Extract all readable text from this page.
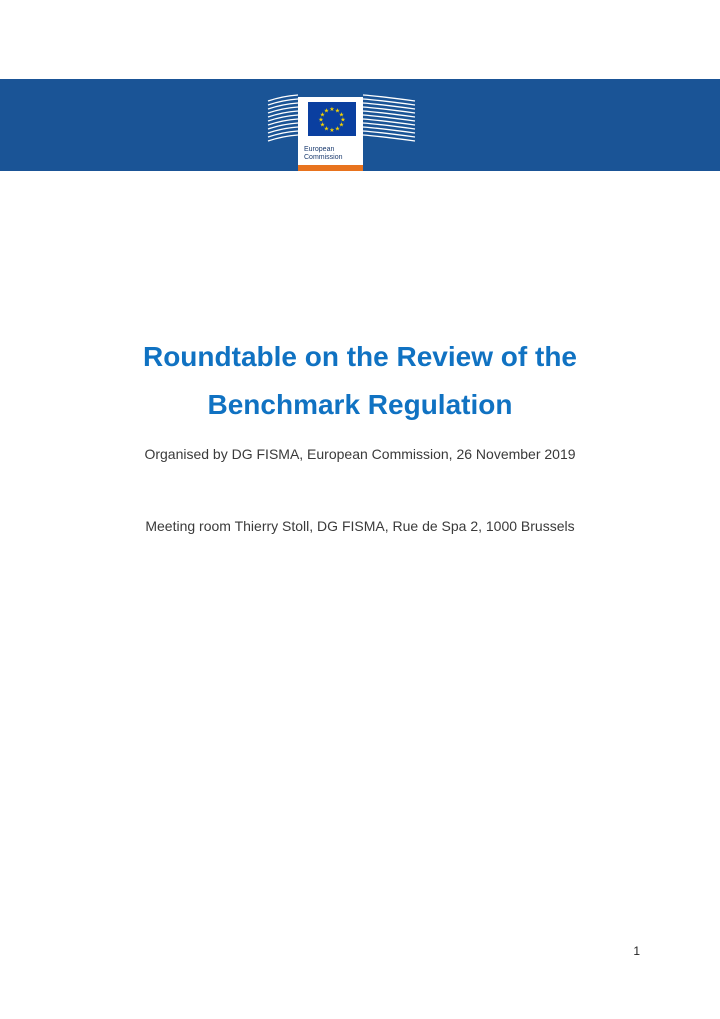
★ ★
★
★
★
★
★
★
★
★
★
★
European
Commission
Roundtable on the Review of the
Benchmark Regulation

Organised by DG FISMA, European Commission, 26 November 2019

Meeting room Thierry Stoll, DG FISMA, Rue de Spa 2, 1000 Brussels

1
